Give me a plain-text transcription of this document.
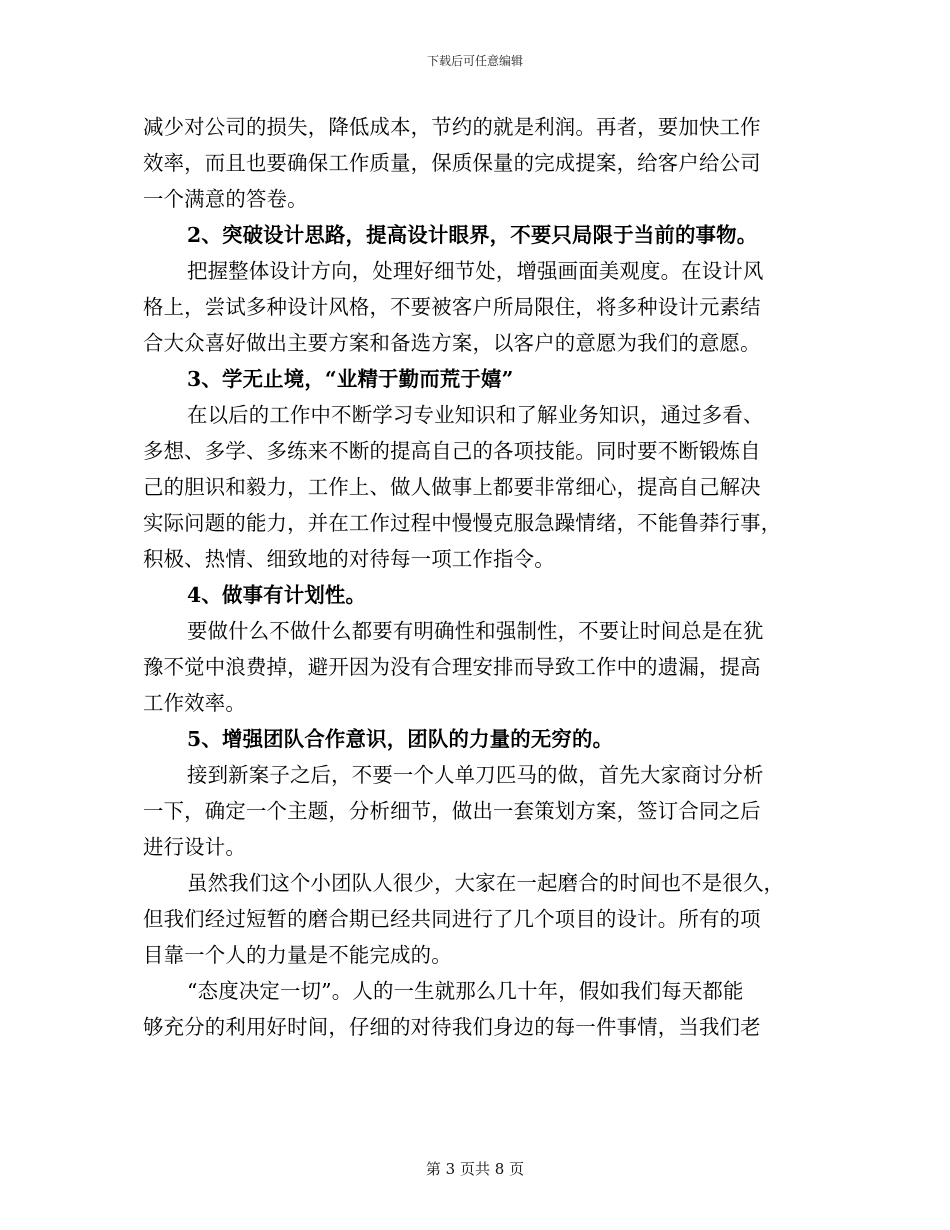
下载后可任意编辑
减少对公司的损失，降低成本，节约的就是利润。再者，要加快工作
效率，而且也要确保工作质量，保质保量的完成提案，给客户给公司
一个满意的答卷。
2、突破设计思路，提高设计眼界，不要只局限于当前的事物。
把握整体设计方向，处理好细节处，增强画面美观度。在设计风
格上，尝试多种设计风格，不要被客户所局限住，将多种设计元素结
合大众喜好做出主要方案和备选方案，以客户的意愿为我们的意愿。
3、学无止境，“业精于勤而荒于嬉”
在以后的工作中不断学习专业知识和了解业务知识，通过多看、
多想、多学、多练来不断的提高自己的各项技能。同时要不断锻炼自
己的胆识和毅力，工作上、做人做事上都要非常细心，提高自己解决
实际问题的能力，并在工作过程中慢慢克服急躁情绪，不能鲁莽行事，
积极、热情、细致地的对待每一项工作指令。
4、做事有计划性。
要做什么不做什么都要有明确性和强制性，不要让时间总是在犹
豫不觉中浪费掉，避开因为没有合理安排而导致工作中的遗漏，提高
工作效率。
5、增强团队合作意识，团队的力量的无穷的。
接到新案子之后，不要一个人单刀匹马的做，首先大家商讨分析
一下，确定一个主题，分析细节，做出一套策划方案，签订合同之后
进行设计。
虽然我们这个小团队人很少，大家在一起磨合的时间也不是很久，
但我们经过短暂的磨合期已经共同进行了几个项目的设计。所有的项
目靠一个人的力量是不能完成的。
“态度决定一切”。人的一生就那么几十年，假如我们每天都能
够充分的利用好时间，仔细的对待我们身边的每一件事情，当我们老
第 3 页共 8 页
